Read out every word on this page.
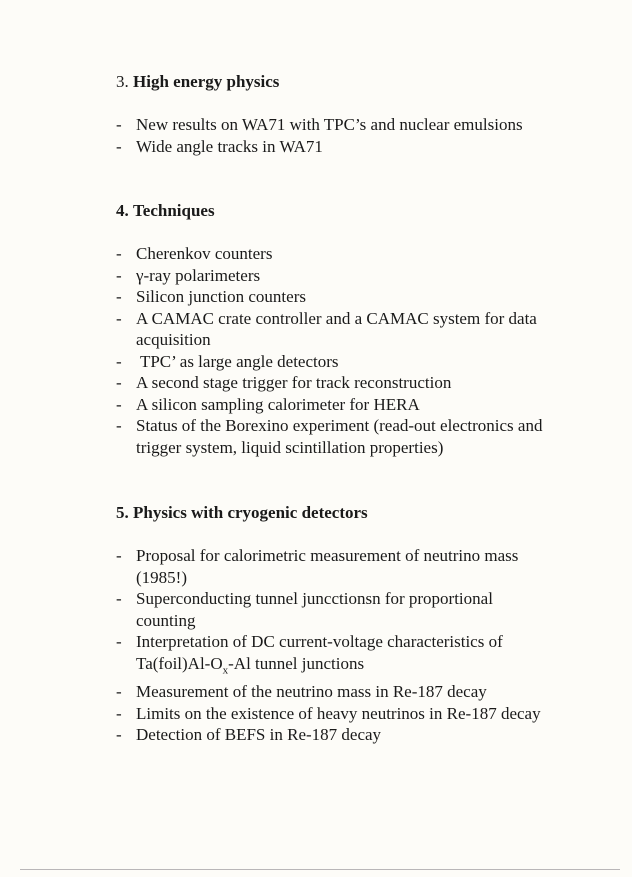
3. High energy physics

- New results on WA71 with TPC’s and nuclear emulsions
- Wide angle tracks in WA71

4. Techniques

- Cherenkov counters
- γ-ray polarimeters
- Silicon junction counters
- A CAMAC crate controller and a CAMAC system for data acquisition
- TPC’ as large angle detectors
- A second stage trigger for track reconstruction
- A silicon sampling calorimeter for HERA
- Status of the Borexino experiment (read-out electronics and trigger system, liquid scintillation properties)

5. Physics with cryogenic detectors

- Proposal for calorimetric measurement of neutrino mass (1985!)
- Superconducting tunnel juncctionsn for proportional counting
- Interpretation of DC current-voltage characteristics of $Ta(foil)Al-O_x-Al$ tunnel junctions
- Measurement of the neutrino mass in Re-187 decay
- Limits on the existence of heavy neutrinos in Re-187 decay
- Detection of BEFS in Re-187 decay
